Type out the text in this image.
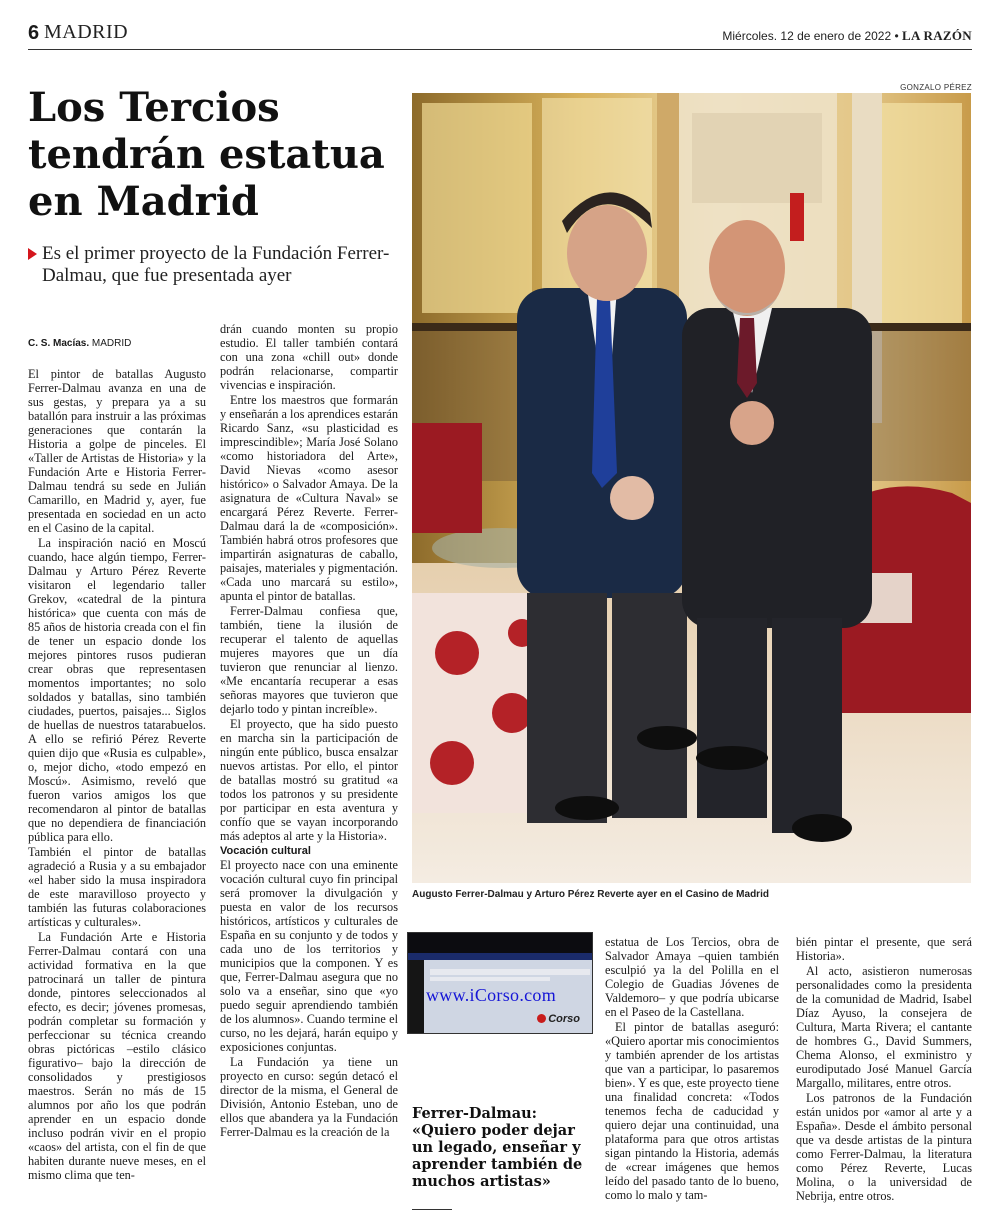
6 MADRID	Miércoles. 12 de enero de 2022 • LA RAZÓN
Los Tercios tendrán estatua en Madrid
Es el primer proyecto de la Fundación Ferrer-Dalmau, que fue presentada ayer
GONZALO PÉREZ
Augusto Ferrer-Dalmau y Arturo Pérez Reverte ayer en el Casino de Madrid
C. S. Macías. MADRID

El pintor de batallas Augusto Ferrer-Dalmau avanza en una de sus gestas, y prepara ya a su batallón para instruir a las próximas generaciones que contarán la Historia a golpe de pinceles. El «Taller de Artistas de Historia» y la Fundación Arte e Historia Ferrer-Dalmau tendrá su sede en Julián Camarillo, en Madrid y, ayer, fue presentada en sociedad en un acto en el Casino de la capital.

La inspiración nació en Moscú cuando, hace algún tiempo, Ferrer-Dalmau y Arturo Pérez Reverte visitaron el legendario taller Grekov, «catedral de la pintura histórica» que cuenta con más de 85 años de historia creada con el fin de tener un espacio donde los mejores pintores rusos pudieran crear obras que representasen momentos importantes; no solo soldados y batallas, sino también ciudades, puertos, paisajes... Siglos de huellas de nuestros tatarabuelos. A ello se refirió Pérez Reverte quien dijo que «Rusia es culpable», o, mejor dicho, «todo empezó en Moscú». Asimismo, reveló que fueron varios amigos los que recomendaron al pintor de batallas que no dependiera de financiación pública para ello.

También el pintor de batallas agradeció a Rusia y a su embajador «el haber sido la musa inspiradora de este maravilloso proyecto y también las futuras colaboraciones artísticas y culturales».

La Fundación Arte e Historia Ferrer-Dalmau contará con una actividad formativa en la que patrocinará un taller de pintura donde, pintores seleccionados al efecto, es decir; jóvenes promesas, podrán completar su formación y perfeccionar su técnica creando obras pictóricas –estilo clásico figurativo– bajo la dirección de consolidados y prestigiosos maestros. Serán no más de 15 alumnos por año los que podrán aprender en un espacio donde incluso podrán vivir en el propio «caos» del artista, con el fin de que habiten durante nueve meses, en el mismo clima que ten-

drán cuando monten su propio estudio. El taller también contará con una zona «chill out» donde podrán relacionarse, compartir vivencias e inspiración.

Entre los maestros que formarán y enseñarán a los aprendices estarán Ricardo Sanz, «su plasticidad es imprescindible»; María José Solano «como historiadora del Arte», David Nievas «como asesor histórico» o Salvador Amaya. De la asignatura de «Cultura Naval» se encargará Pérez Reverte. Ferrer-Dalmau dará la de «composición». También habrá otros profesores que impartirán asignaturas de caballo, paisajes, materiales y pigmentación. «Cada uno marcará su estilo», apunta el pintor de batallas.

Ferrer-Dalmau confiesa que, también, tiene la ilusión de recuperar el talento de aquellas mujeres mayores que un día tuvieron que renunciar al lienzo. «Me encantaría recuperar a esas señoras mayores que tuvieron que dejarlo todo y pintan increíble».

El proyecto, que ha sido puesto en marcha sin la participación de ningún ente público, busca ensalzar nuevos artistas. Por ello, el pintor de batallas mostró su gratitud «a todos los patronos y su presidente por participar en esta aventura y confío que se vayan incorporando más adeptos al arte y la Historia».

Vocación cultural

El proyecto nace con una eminente vocación cultural cuyo fin principal será promover la divulgación y puesta en valor de los recursos históricos, artísticos y culturales de España en su conjunto y de todos y cada uno de los territorios y municipios que la componen. Y es que, Ferrer-Dalmau asegura que no solo va a enseñar, sino que «yo puedo seguir aprendiendo también de los alumnos». Cuando termine el curso, no les dejará, harán equipo y exposiciones conjuntas.

La Fundación ya tiene un proyecto en curso: según detacó el director de la misma, el General de División, Antonio Esteban, uno de ellos que abandera ya la Fundación Ferrer-Dalmau es la creación de la

www.iCorso.com
Corso
Ferrer-Dalmau: «Quiero poder dejar un legado, enseñar y aprender también de muchos artistas»

estatua de Los Tercios, obra de Salvador Amaya –quien también esculpió ya la del Polilla en el Colegio de Guadias Jóvenes de Valdemoro– y que podría ubicarse en el Paseo de la Castellana.

El pintor de batallas aseguró: «Quiero aportar mis conocimientos y también aprender de los artistas que van a participar, lo pasaremos bien». Y es que, este proyecto tiene una finalidad concreta: «Todos tenemos fecha de caducidad y quiero dejar una continuidad, una plataforma para que otros artistas sigan pintando la Historia, además de «crear imágenes que hemos leído del pasado tanto de lo bueno, como lo malo y tam-

bién pintar el presente, que será Historia».

Al acto, asistieron numerosas personalidades como la presidenta de la comunidad de Madrid, Isabel Díaz Ayuso, la consejera de Cultura, Marta Rivera; el cantante de hombres G., David Summers, Chema Alonso, el exministro y eurodiputado José Manuel García Margallo, militares, entre otros.

Los patronos de la Fundación están unidos por «amor al arte y a España». Desde el ámbito personal que va desde artistas de la pintura como Ferrer-Dalmau, la literatura como Pérez Reverte, Lucas Molina, o la universidad de Nebrija, entre otros.
